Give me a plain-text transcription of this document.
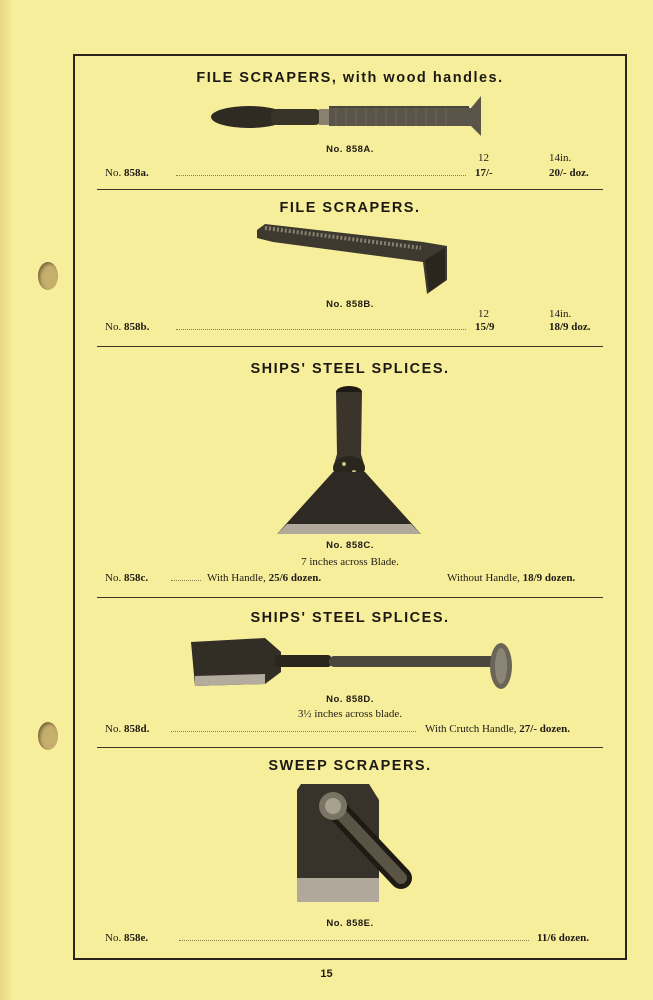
FILE SCRAPERS, with wood handles.
No. 858A.
12	14in.
No. 858a.	17/-	20/- doz.
FILE SCRAPERS.
No. 858B.
12	14in.
No. 858b.	15/9	18/9 doz.
SHIPS' STEEL SPLICES.
No. 858C.
7 inches across Blade.
No. 858c.	With Handle, 25/6 dozen.	Without Handle, 18/9 dozen.
SHIPS' STEEL SPLICES.
No. 858D.
3½ inches across blade.
No. 858d.	With Crutch Handle, 27/- dozen.
SWEEP SCRAPERS.
No. 858E.
No. 858e.	11/6 dozen.
15
